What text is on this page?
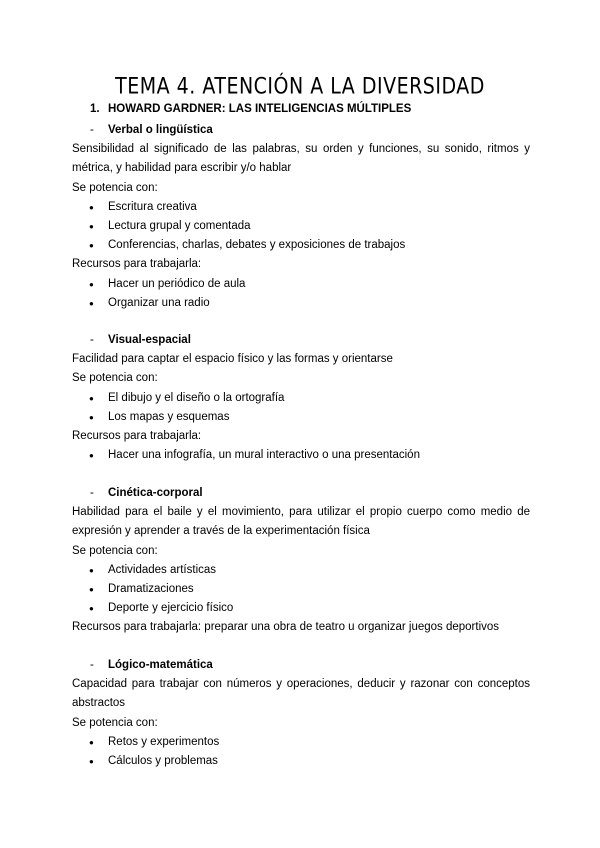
TEMA 4. ATENCIÓN A LA DIVERSIDAD
1. HOWARD GARDNER: LAS INTELIGENCIAS MÚLTIPLES
- Verbal o lingüística
Sensibilidad al significado de las palabras, su orden y funciones, su sonido, ritmos y métrica, y habilidad para escribir y/o hablar
Se potencia con:
● Escritura creativa
● Lectura grupal y comentada
● Conferencias, charlas, debates y exposiciones de trabajos
Recursos para trabajarla:
● Hacer un periódico de aula
● Organizar una radio
- Visual-espacial
Facilidad para captar el espacio físico y las formas y orientarse
Se potencia con:
● El dibujo y el diseño o la ortografía
● Los mapas y esquemas
Recursos para trabajarla:
● Hacer una infografía, un mural interactivo o una presentación
- Cinética-corporal
Habilidad para el baile y el movimiento, para utilizar el propio cuerpo como medio de expresión y aprender a través de la experimentación física
Se potencia con:
● Actividades artísticas
● Dramatizaciones
● Deporte y ejercicio físico
Recursos para trabajarla: preparar una obra de teatro u organizar juegos deportivos
- Lógico-matemática
Capacidad para trabajar con números y operaciones, deducir y razonar con conceptos abstractos
Se potencia con:
● Retos y experimentos
● Cálculos y problemas
